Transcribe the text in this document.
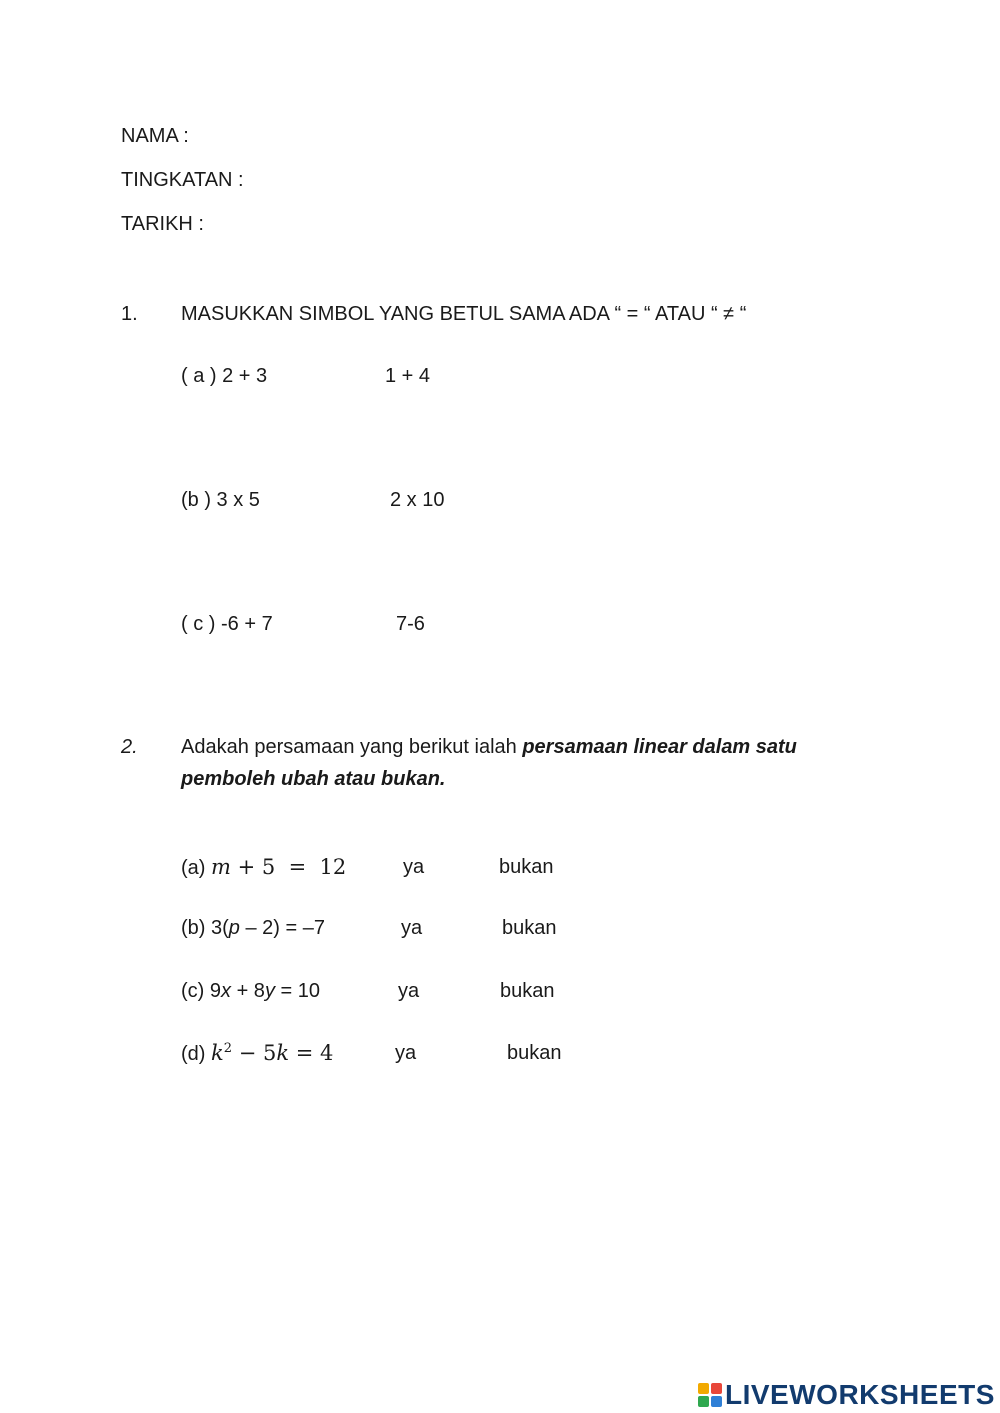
NAMA :
TINGKATAN :
TARIKH :
1. MASUKKAN SIMBOL YANG BETUL SAMA ADA “ = “ ATAU “ ≠ “
( a ) 2 + 3	1 + 4
(b ) 3 x 5	2 x 10
( c ) -6 + 7	7-6
2. Adakah persamaan yang berikut ialah persamaan linear dalam satu
pemboleh ubah atau bukan.
(a) m + 5  =  12	ya	bukan
(b) 3(p – 2) = –7	ya	bukan
(c) 9x + 8y = 10	ya	bukan
(d) $k^2 - 5k = 4$	ya	bukan
LIVEWORKSHEETS
